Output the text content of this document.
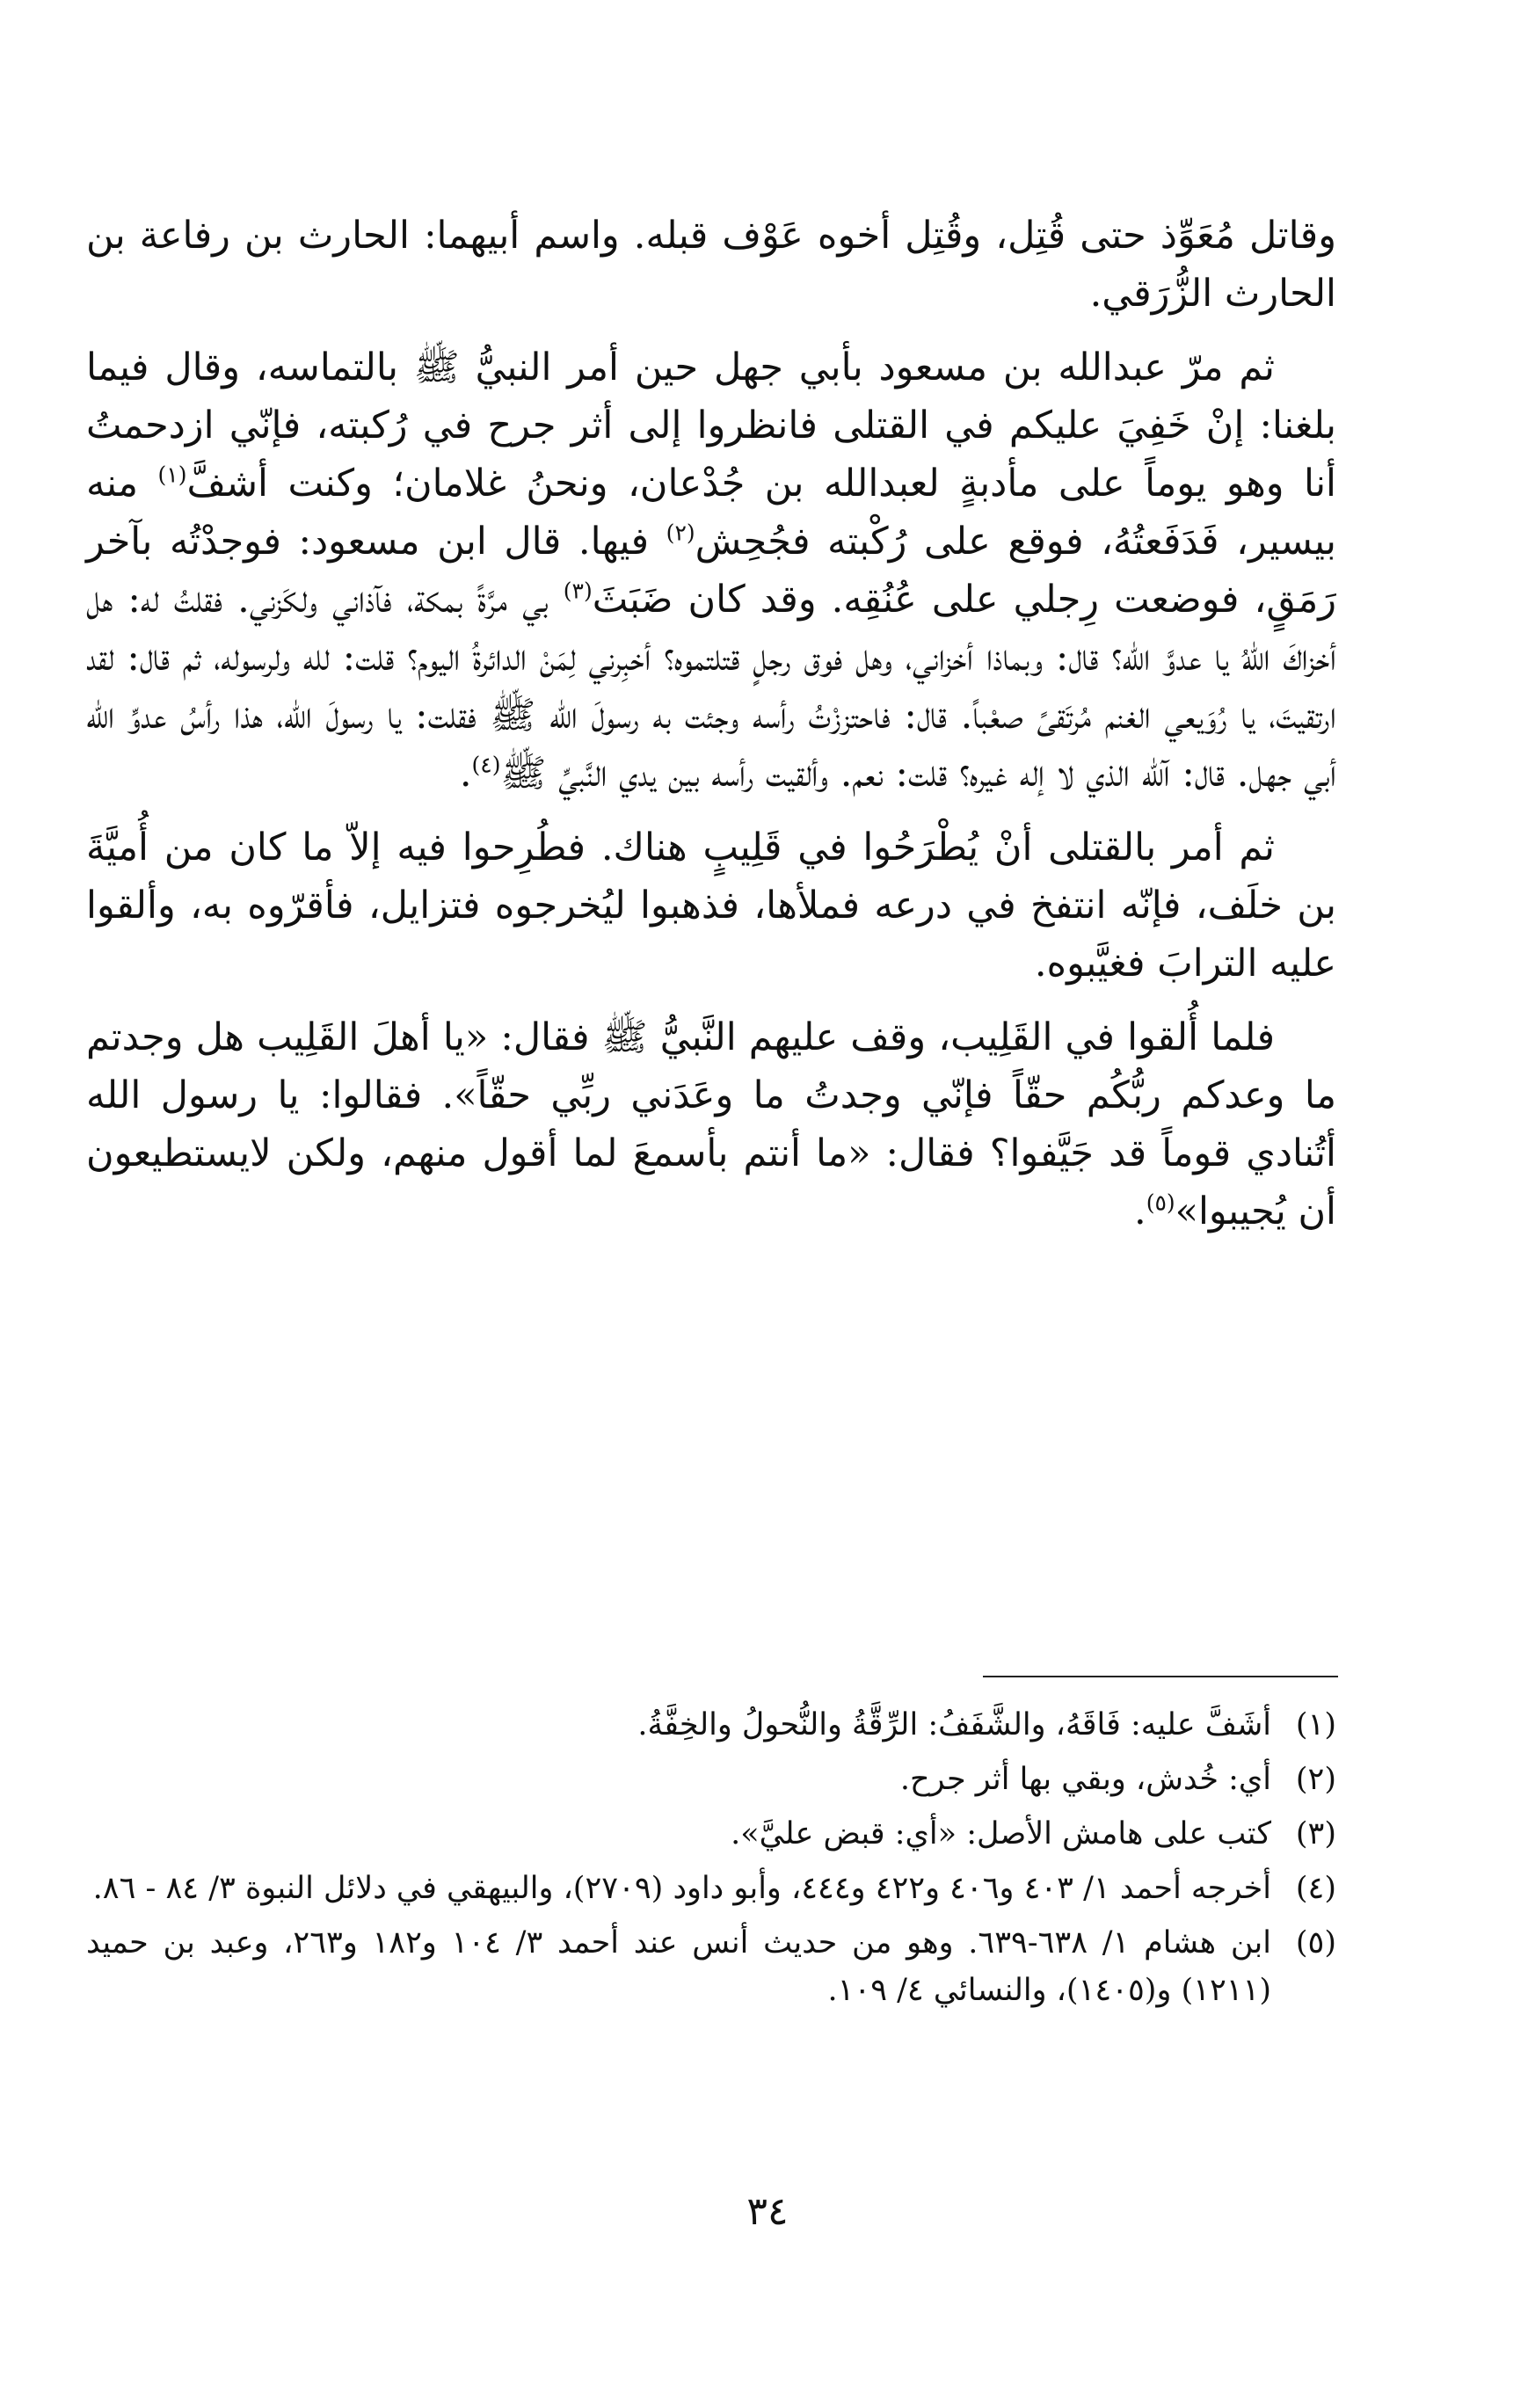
وقاتل مُعَوِّذ حتى قُتِل، وقُتِل أخوه عَوْف قبله. واسم أبيهما: الحارث بن رفاعة بن الحارث الزُّرَقي.

ثم مرّ عبدالله بن مسعود بأبي جهل حين أمر النبيُّ ﷺ بالتماسه، وقال فيما بلغنا: إنْ خَفِيَ عليكم في القتلى فانظروا إلى أثر جرح في رُكبته، فإنّي ازدحمتُ أنا وهو يوماً على مأدبةٍ لعبدالله بن جُدْعان، ونحنُ غلامان؛ وكنت أشفَّ$^{(١)}$ منه بيسير، فَدَفَعتُهُ، فوقع على رُكْبته فجُحِش$^{(٢)}$ فيها. قال ابن مسعود: فوجدْتُه بآخر رَمَقٍ، فوضعت رِجلي على عُنُقِه. وقد كان ضَبَثَ$^{(٣)}$ بي مرَّةً بمكة، فآذاني ولكَزني. فقلتُ له: هل أخزاكَ اللهُ يا عدوَّ الله؟ قال: وبماذا أخزاني، وهل فوق رجلٍ قتلتموه؟ أخبِرني لِمَنْ الدائرةُ اليوم؟ قلت: لله ولرسوله، ثم قال: لقد ارتقيتَ، يا رُوَيعي الغنم مُرتَقىً صعْباً. قال: فاحتززْتُ رأسه وجئت به رسولَ الله ﷺ فقلت: يا رسولَ الله، هذا رأسُ عدوِّ الله أبي جهل. قال: آلله الذي لا إله غيره؟ قلت: نعم. وألقيت رأسه بين يدي النَّبيِّ ﷺ$^{(٤)}$.

ثم أمر بالقتلى أنْ يُطْرَحُوا في قَلِيبٍ هناك. فطُرِحوا فيه إلاّ ما كان من أُميَّةَ بن خلَف، فإنّه انتفخ في درعه فملأها، فذهبوا ليُخرجوه فتزايل، فأقرّوه به، وألقوا عليه الترابَ فغيَّبوه.

فلما أُلقوا في القَلِيب، وقف عليهم النَّبيُّ ﷺ فقال: «يا أهلَ القَلِيب هل وجدتم ما وعدكم ربُّكُم حقّاً فإنّي وجدتُ ما وعَدَني ربِّي حقّاً». فقالوا: يا رسول الله أتُنادي قوماً قد جَيَّفوا؟ فقال: «ما أنتم بأسمعَ لما أقول منهم، ولكن لايستطيعون أن يُجيبوا»$^{(٥)}$.

(١)
أشَفَّ عليه: فَاقَهُ، والشَّفَفُ: الرِّقَّةُ والنُّحولُ والخِفَّةُ.
(٢)
أي: خُدش، وبقي بها أثر جرح.
(٣)
كتب على هامش الأصل: «أي: قبض عليَّ».
(٤)
أخرجه أحمد ١/ ٤٠٣ و٤٠٦ و٤٢٢ و٤٤٤، وأبو داود (٢٧٠٩)، والبيهقي في دلائل النبوة ٣/ ٨٤ - ٨٦.
(٥)
ابن هشام ١/ ٦٣٨-٦٣٩. وهو من حديث أنس عند أحمد ٣/ ١٠٤ و١٨٢ و٢٦٣، وعبد بن حميد (١٢١١) و(١٤٠٥)، والنسائي ٤/ ١٠٩.
٣٤
